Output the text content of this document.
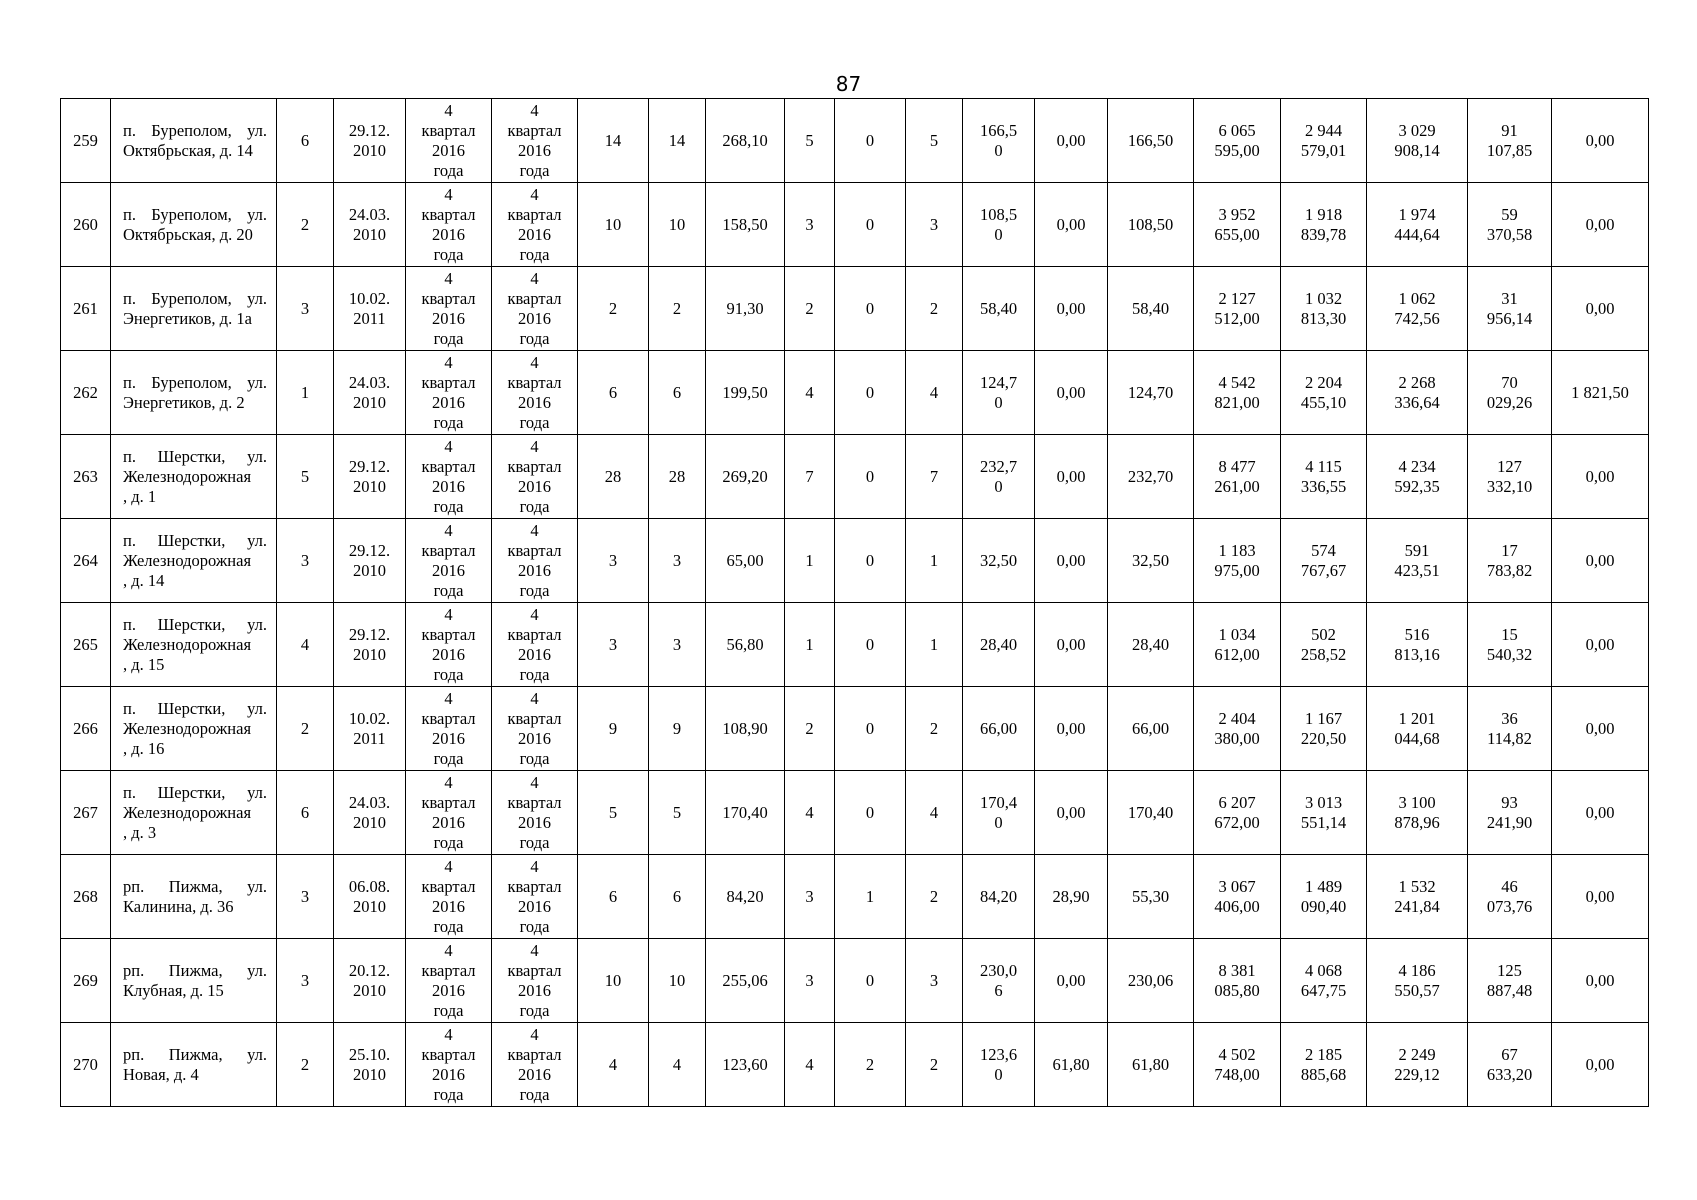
87
259	п. Бурeполом, ул.
Октябрьская, д. 14	6	29.12.
2010	4
квартал
2016
года	4
квартал
2016
года	14	14	268,10	5	0	5	166,5
0	0,00	166,50	6 065
595,00	2 944
579,01	3 029
908,14	91
107,85	0,00

260	п. Бурeполом, ул.
Октябрьская, д. 20	2	24.03.
2010	4
квартал
2016
года	4
квартал
2016
года	10	10	158,50	3	0	3	108,5
0	0,00	108,50	3 952
655,00	1 918
839,78	1 974
444,64	59
370,58	0,00

261	п. Бурeполом, ул.
Энергетиков, д. 1а	3	10.02.
2011	4
квартал
2016
года	4
квартал
2016
года	2	2	91,30	2	0	2	58,40	0,00	58,40	2 127
512,00	1 032
813,30	1 062
742,56	31
956,14	0,00

262	п. Бурeполом, ул.
Энергетиков, д. 2	1	24.03.
2010	4
квартал
2016
года	4
квартал
2016
года	6	6	199,50	4	0	4	124,7
0	0,00	124,70	4 542
821,00	2 204
455,10	2 268
336,64	70
029,26	1 821,50

263	п. Шерстки, ул.
Железнодорожная
, д. 1	5	29.12.
2010	4
квартал
2016
года	4
квартал
2016
года	28	28	269,20	7	0	7	232,7
0	0,00	232,70	8 477
261,00	4 115
336,55	4 234
592,35	127
332,10	0,00

264	п. Шерстки, ул.
Железнодорожная
, д. 14	3	29.12.
2010	4
квартал
2016
года	4
квартал
2016
года	3	3	65,00	1	0	1	32,50	0,00	32,50	1 183
975,00	574
767,67	591
423,51	17
783,82	0,00

265	п. Шерстки, ул.
Железнодорожная
, д. 15	4	29.12.
2010	4
квартал
2016
года	4
квартал
2016
года	3	3	56,80	1	0	1	28,40	0,00	28,40	1 034
612,00	502
258,52	516
813,16	15
540,32	0,00

266	п. Шерстки, ул.
Железнодорожная
, д. 16	2	10.02.
2011	4
квартал
2016
года	4
квартал
2016
года	9	9	108,90	2	0	2	66,00	0,00	66,00	2 404
380,00	1 167
220,50	1 201
044,68	36
114,82	0,00

267	п. Шерстки, ул.
Железнодорожная
, д. 3	6	24.03.
2010	4
квартал
2016
года	4
квартал
2016
года	5	5	170,40	4	0	4	170,4
0	0,00	170,40	6 207
672,00	3 013
551,14	3 100
878,96	93
241,90	0,00

268	рп. Пижма, ул.
Калинина, д. 36	3	06.08.
2010	4
квартал
2016
года	4
квартал
2016
года	6	6	84,20	3	1	2	84,20	28,90	55,30	3 067
406,00	1 489
090,40	1 532
241,84	46
073,76	0,00

269	рп. Пижма, ул.
Клубная, д. 15	3	20.12.
2010	4
квартал
2016
года	4
квартал
2016
года	10	10	255,06	3	0	3	230,0
6	0,00	230,06	8 381
085,80	4 068
647,75	4 186
550,57	125
887,48	0,00

270	рп. Пижма, ул.
Новая, д. 4	2	25.10.
2010	4
квартал
2016
года	4
квартал
2016
года	4	4	123,60	4	2	2	123,6
0	61,80	61,80	4 502
748,00	2 185
885,68	2 249
229,12	67
633,20	0,00
